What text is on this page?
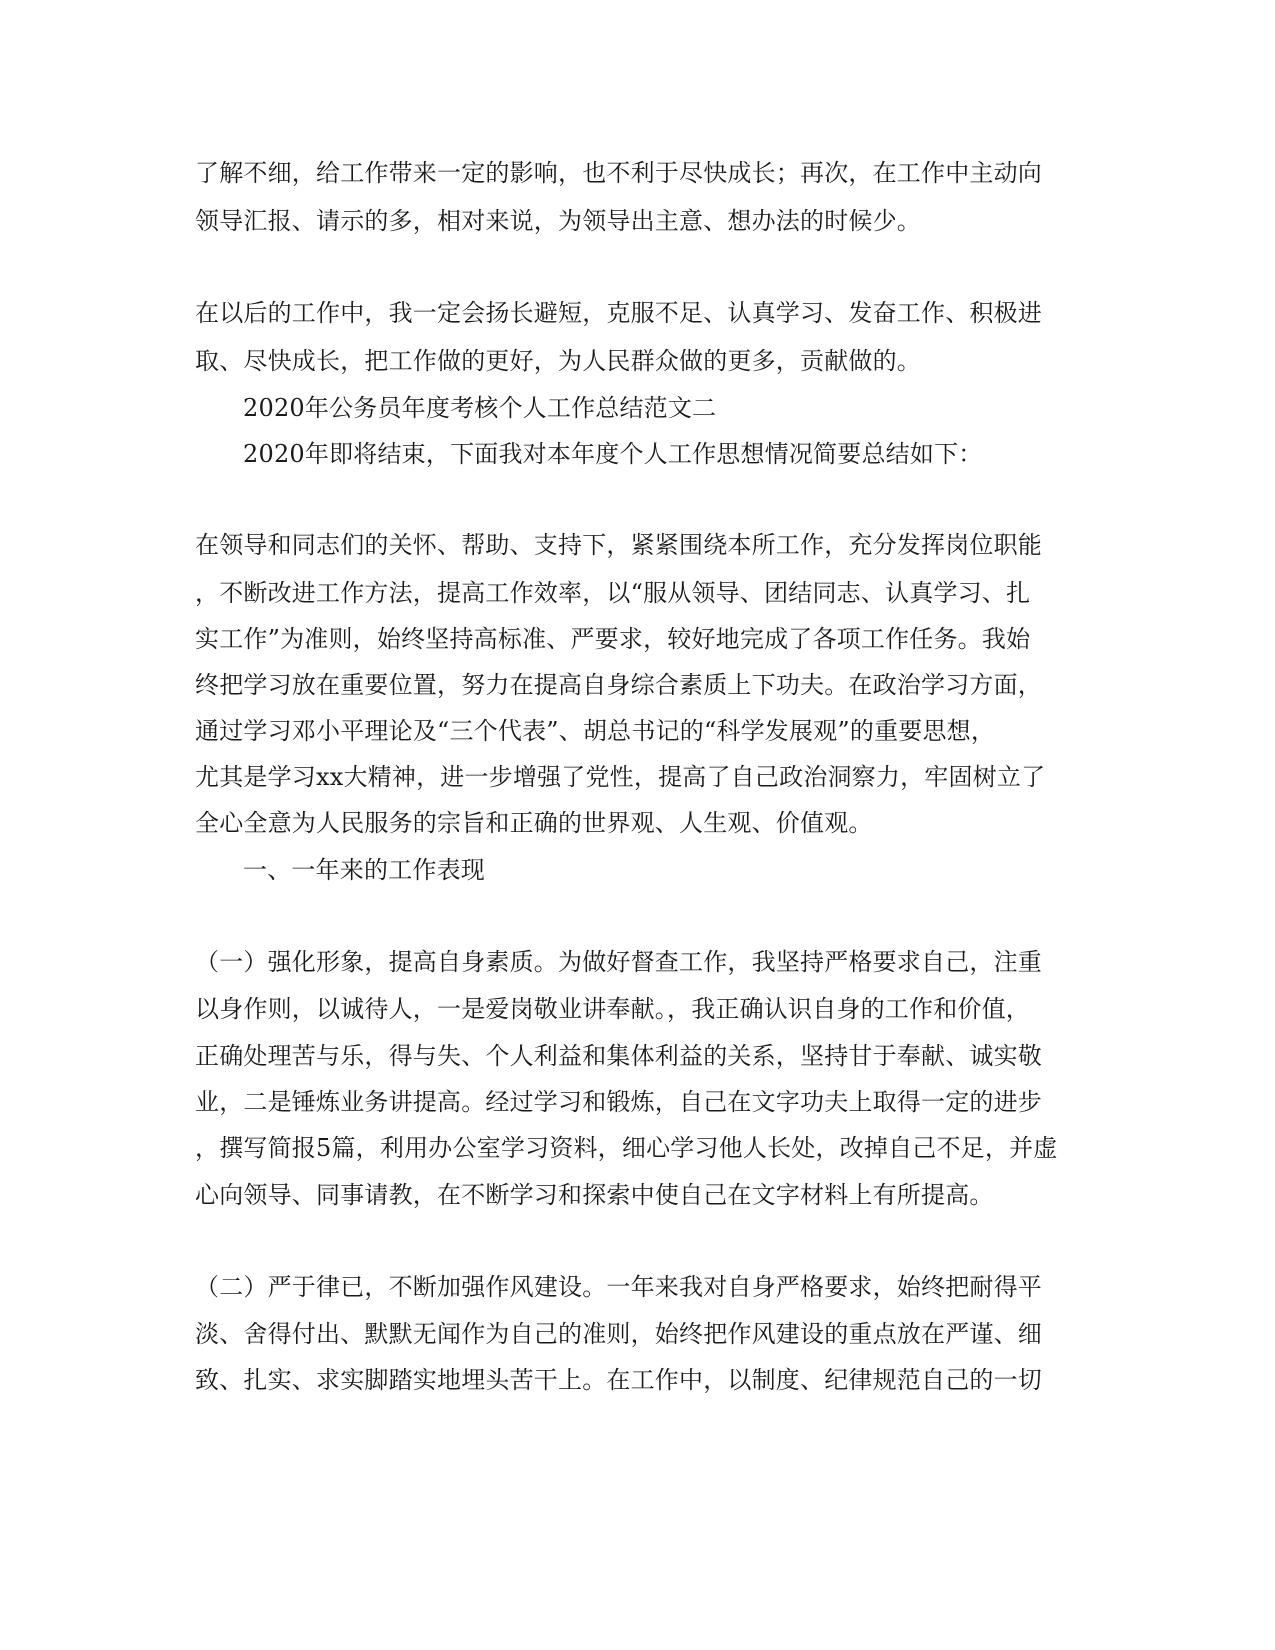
了解不细，给工作带来一定的影响，也不利于尽快成长；再次，在工作中主动向
领导汇报、请示的多，相对来说，为领导出主意、想办法的时候少。
在以后的工作中，我一定会扬长避短，克服不足、认真学习、发奋工作、积极进
取、尽快成长，把工作做的更好，为人民群众做的更多，贡献做的。
2020年公务员年度考核个人工作总结范文二
2020年即将结束，下面我对本年度个人工作思想情况简要总结如下：
在领导和同志们的关怀、帮助、支持下，紧紧围绕本所工作，充分发挥岗位职能
，不断改进工作方法，提高工作效率，以“服从领导、团结同志、认真学习、扎
实工作”为准则，始终坚持高标准、严要求，较好地完成了各项工作任务。我始
终把学习放在重要位置，努力在提高自身综合素质上下功夫。在政治学习方面，
通过学习邓小平理论及“三个代表”、胡总书记的“科学发展观”的重要思想，
尤其是学习xx大精神，进一步增强了党性，提高了自己政治洞察力，牢固树立了
全心全意为人民服务的宗旨和正确的世界观、人生观、价值观。
一、一年来的工作表现
（一）强化形象，提高自身素质。为做好督查工作，我坚持严格要求自己，注重
以身作则，以诚待人，一是爱岗敬业讲奉献。，我正确认识自身的工作和价值，
正确处理苦与乐，得与失、个人利益和集体利益的关系，坚持甘于奉献、诚实敬
业，二是锤炼业务讲提高。经过学习和锻炼，自己在文字功夫上取得一定的进步
，撰写简报5篇，利用办公室学习资料，细心学习他人长处，改掉自己不足，并虚
心向领导、同事请教，在不断学习和探索中使自己在文字材料上有所提高。
（二）严于律已，不断加强作风建设。一年来我对自身严格要求，始终把耐得平
淡、舍得付出、默默无闻作为自己的准则，始终把作风建设的重点放在严谨、细
致、扎实、求实脚踏实地埋头苦干上。在工作中，以制度、纪律规范自己的一切
